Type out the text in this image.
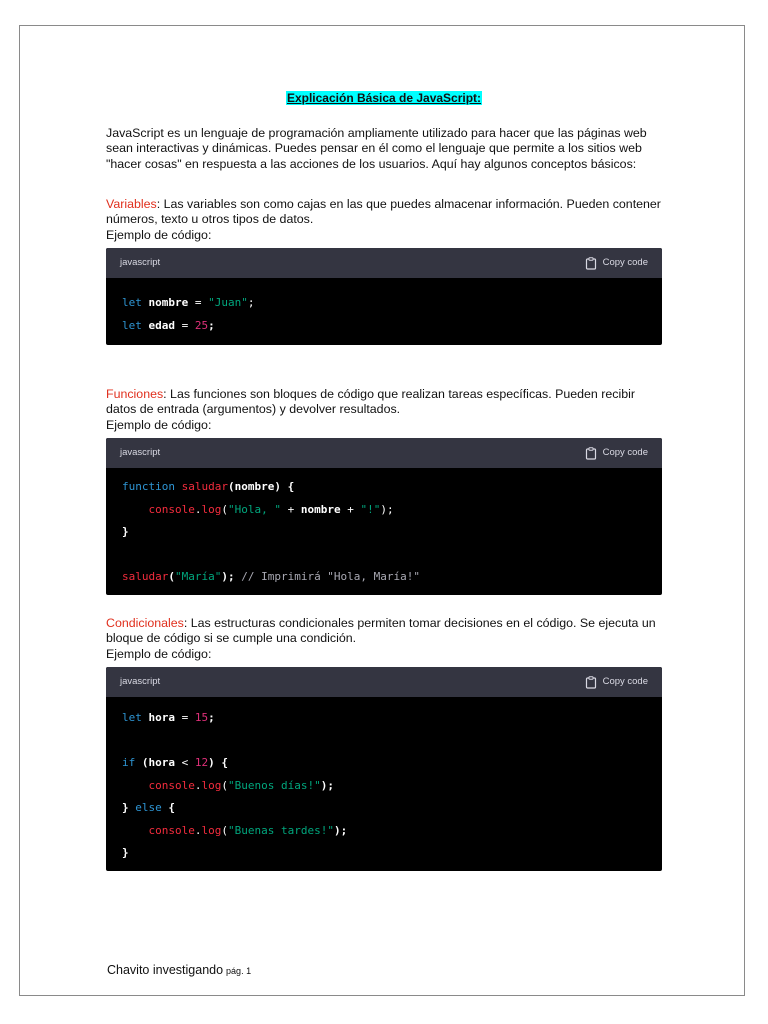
Explicación Básica de JavaScript:

JavaScript es un lenguaje de programación ampliamente utilizado para hacer que las páginas web sean interactivas y dinámicas. Puedes pensar en él como el lenguaje que permite a los sitios web "hacer cosas" en respuesta a las acciones de los usuarios. Aquí hay algunos conceptos básicos:

Variables: Las variables son como cajas en las que puedes almacenar información. Pueden contener números, texto u otros tipos de datos.
Ejemplo de código:

javascript	Copy code
let nombre = "Juan";
let edad = 25;

Funciones: Las funciones son bloques de código que realizan tareas específicas. Pueden recibir datos de entrada (argumentos) y devolver resultados.
Ejemplo de código:

javascript	Copy code
function saludar(nombre) {
console.log("Hola, " + nombre + "!");
}
saludar("María"); // Imprimirá "Hola, María!"

Condicionales: Las estructuras condicionales permiten tomar decisiones en el código. Se ejecuta un bloque de código si se cumple una condición.
Ejemplo de código:

javascript	Copy code
let hora = 15;
if (hora < 12) {
console.log("Buenos días!");
} else {
console.log("Buenas tardes!");
}
Chavito investigando pág. 1
